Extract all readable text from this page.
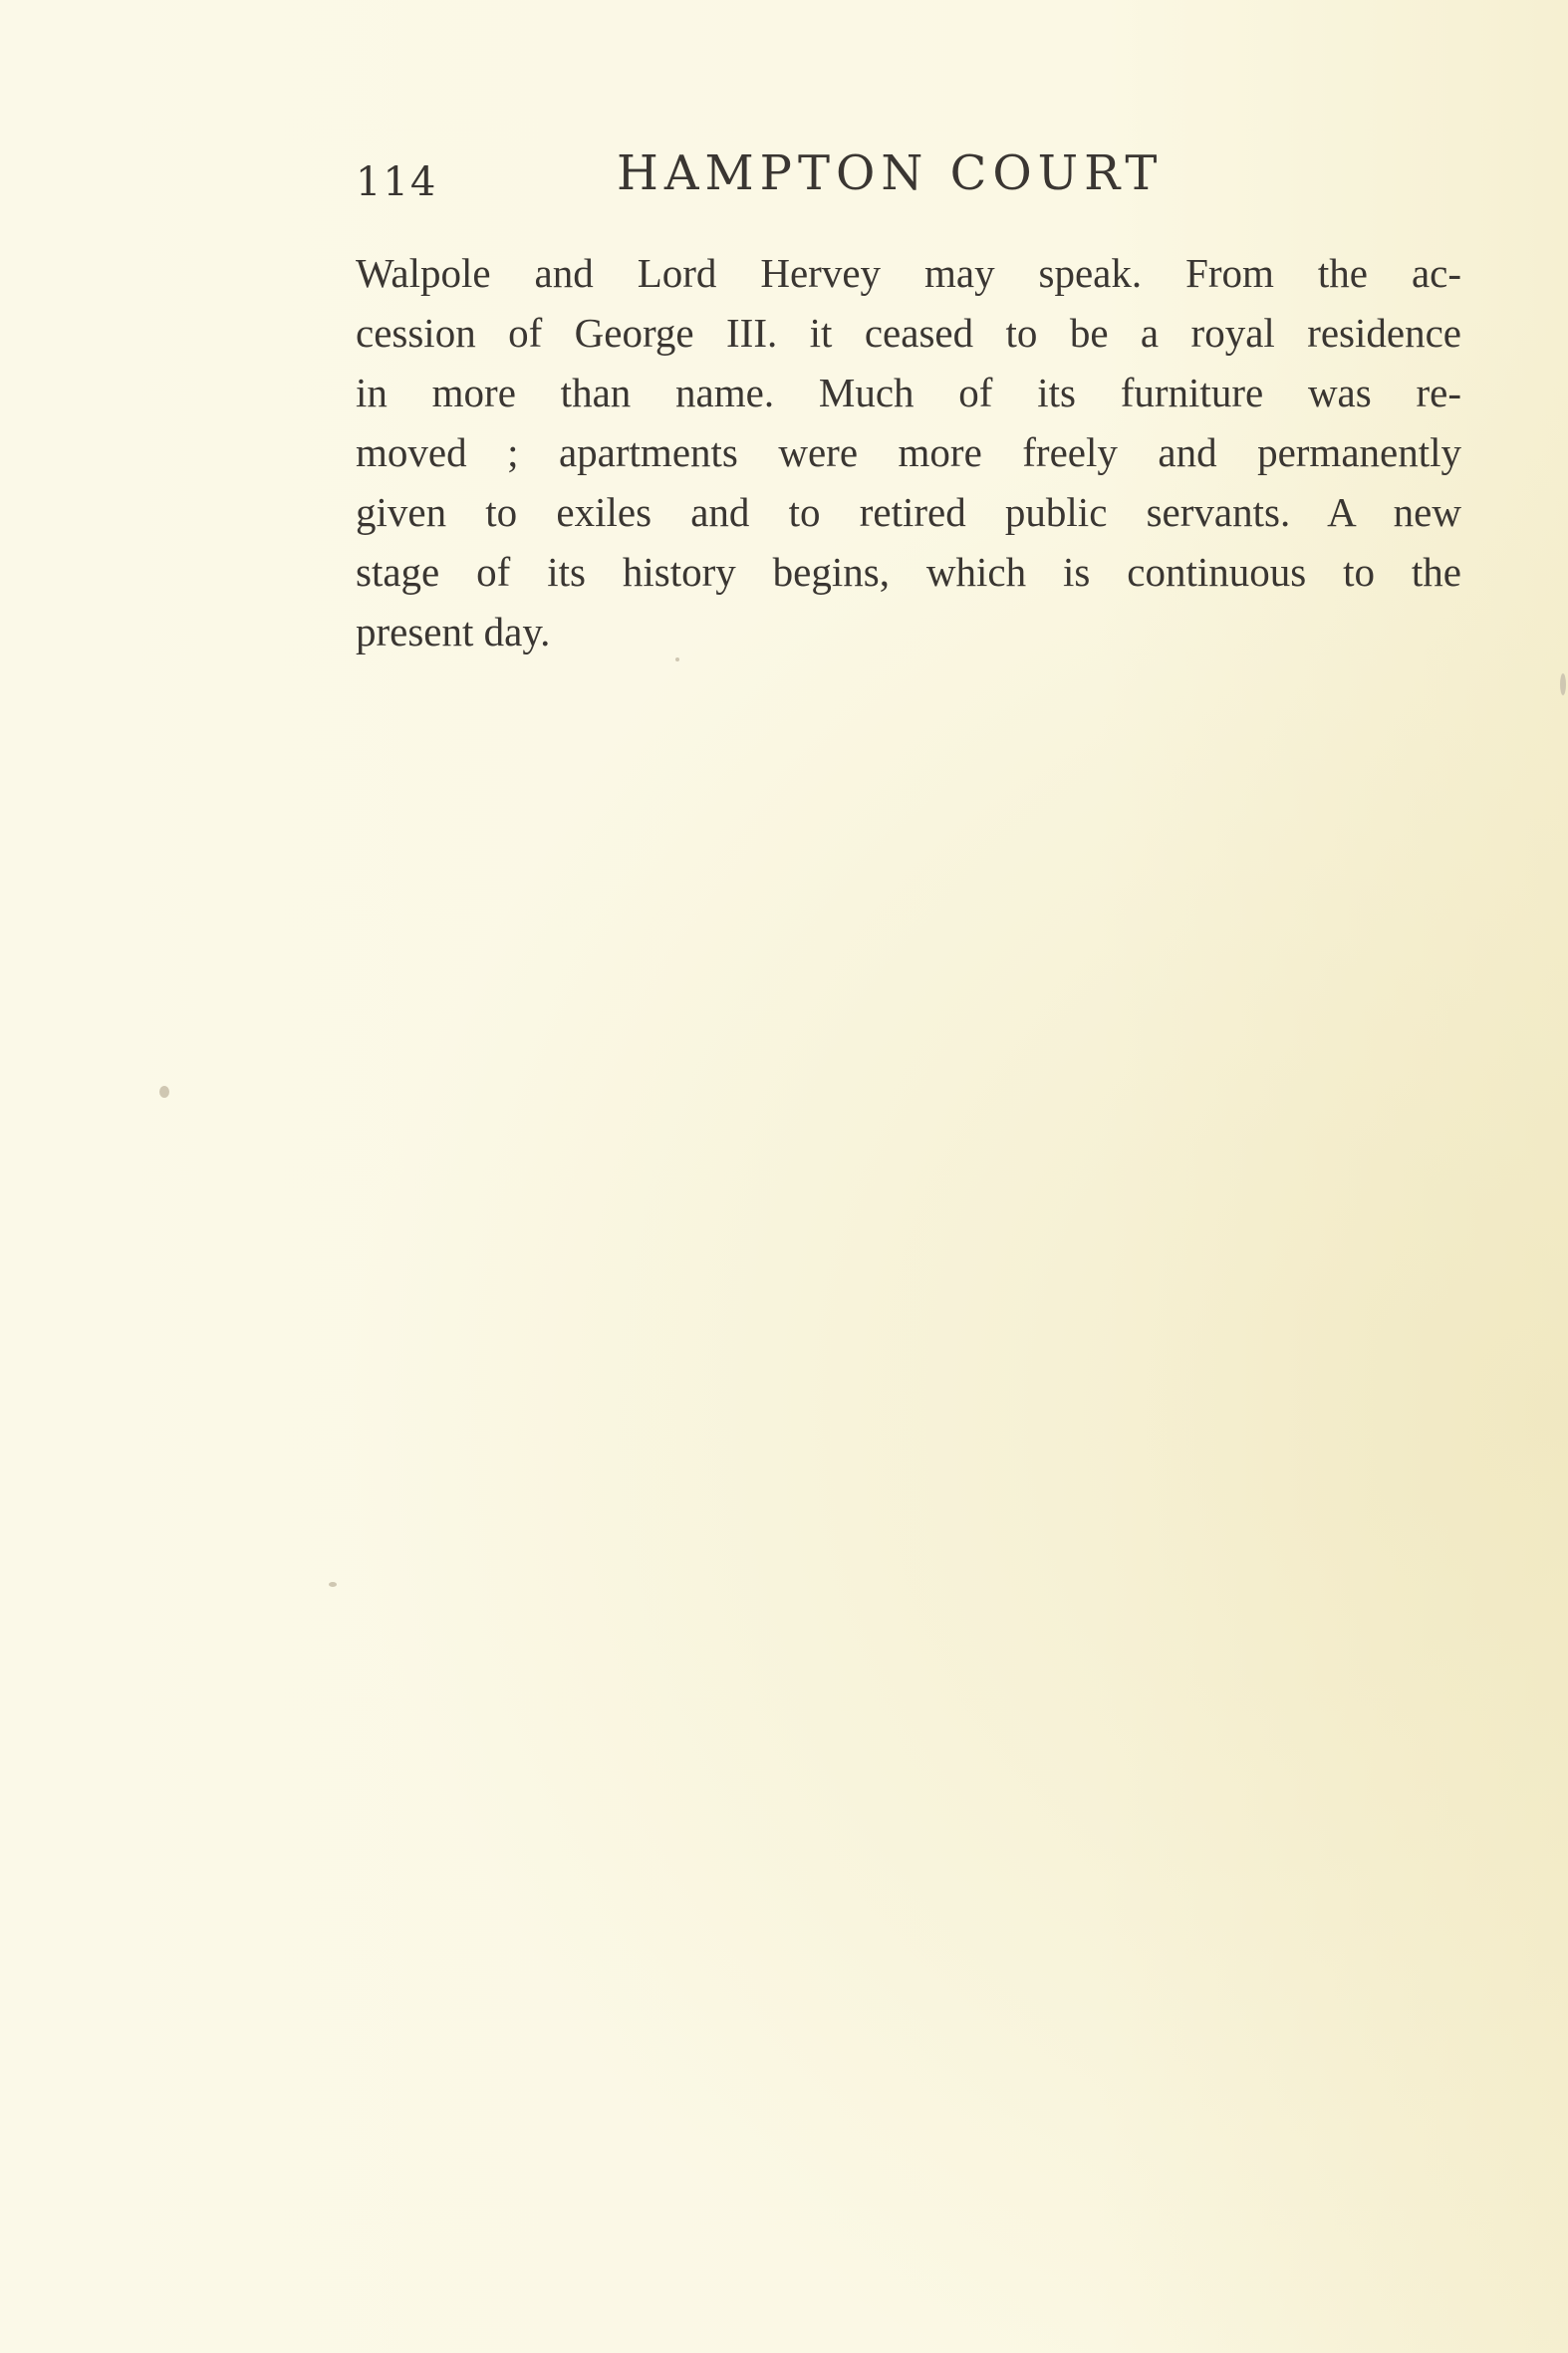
114	HAMPTON COURT
Walpole and Lord Hervey may speak. From the ac-
cession of George III. it ceased to be a royal residence
in more than name. Much of its furniture was re-
moved ; apartments were more freely and permanently
given to exiles and to retired public servants. A new
stage of its history begins, which is continuous to the
present day.
